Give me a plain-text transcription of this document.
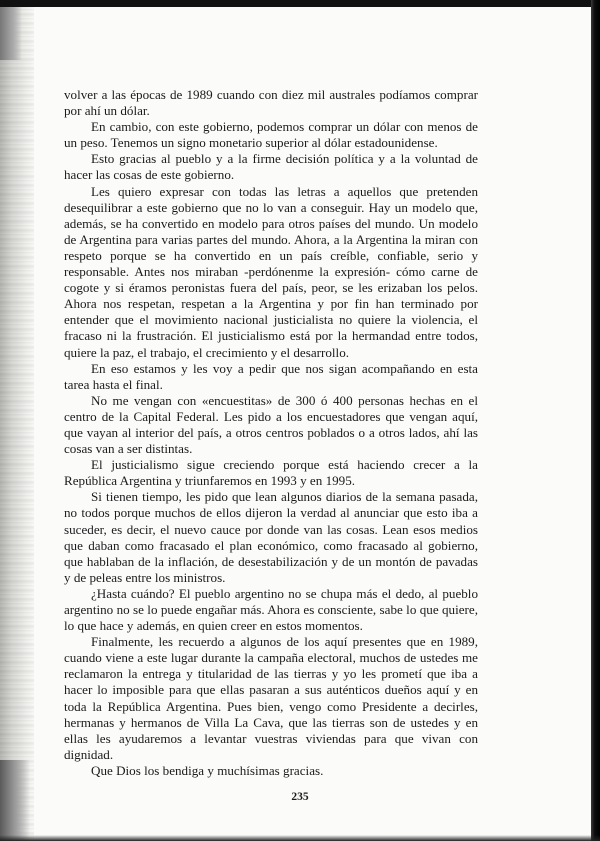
volver a las épocas de 1989 cuando con diez mil australes podíamos comprar por ahí un dólar.

En cambio, con este gobierno, podemos comprar un dólar con menos de un peso. Tenemos un signo monetario superior al dólar estadounidense.

Esto gracias al pueblo y a la firme decisión política y a la voluntad de hacer las cosas de este gobierno.

Les quiero expresar con todas las letras a aquellos que pretenden desequilibrar a este gobierno que no lo van a conseguir. Hay un modelo que, además, se ha convertido en modelo para otros países del mundo. Un modelo de Argentina para varias partes del mundo. Ahora, a la Argentina la miran con respeto porque se ha convertido en un país creíble, confiable, serio y responsable. Antes nos miraban -perdónenme la expresión- cómo carne de cogote y si éramos peronistas fuera del país, peor, se les erizaban los pelos. Ahora nos respetan, respetan a la Argentina y por fin han terminado por entender que el movimiento nacional justicialista no quiere la violencia, el fracaso ni la frustración. El justicialismo está por la hermandad entre todos, quiere la paz, el trabajo, el crecimiento y el desarrollo.

En eso estamos y les voy a pedir que nos sigan acompañando en esta tarea hasta el final.

No me vengan con «encuestitas» de 300 ó 400 personas hechas en el centro de la Capital Federal. Les pido a los encuestadores que vengan aquí, que vayan al interior del país, a otros centros poblados o a otros lados, ahí las cosas van a ser distintas.

El justicialismo sigue creciendo porque está haciendo crecer a la República Argentina y triunfaremos en 1993 y en 1995.

Si tienen tiempo, les pido que lean algunos diarios de la semana pasada, no todos porque muchos de ellos dijeron la verdad al anunciar que esto iba a suceder, es decir, el nuevo cauce por donde van las cosas. Lean esos medios que daban como fracasado el plan económico, como fracasado al gobierno, que hablaban de la inflación, de desestabilización y de un montón de pavadas y de peleas entre los ministros.

¿Hasta cuándo? El pueblo argentino no se chupa más el dedo, al pueblo argentino no se lo puede engañar más. Ahora es consciente, sabe lo que quiere, lo que hace y además, en quien creer en estos momentos.

Finalmente, les recuerdo a algunos de los aquí presentes que en 1989, cuando viene a este lugar durante la campaña electoral, muchos de ustedes me reclamaron la entrega y titularidad de las tierras y yo les prometí que iba a hacer lo imposible para que ellas pasaran a sus auténticos dueños aquí y en toda la República Argentina. Pues bien, vengo como Presidente a decirles, hermanas y hermanos de Villa La Cava, que las tierras son de ustedes y en ellas les ayudaremos a levantar vuestras viviendas para que vivan con dignidad.

Que Dios los bendiga y muchísimas gracias.

235
